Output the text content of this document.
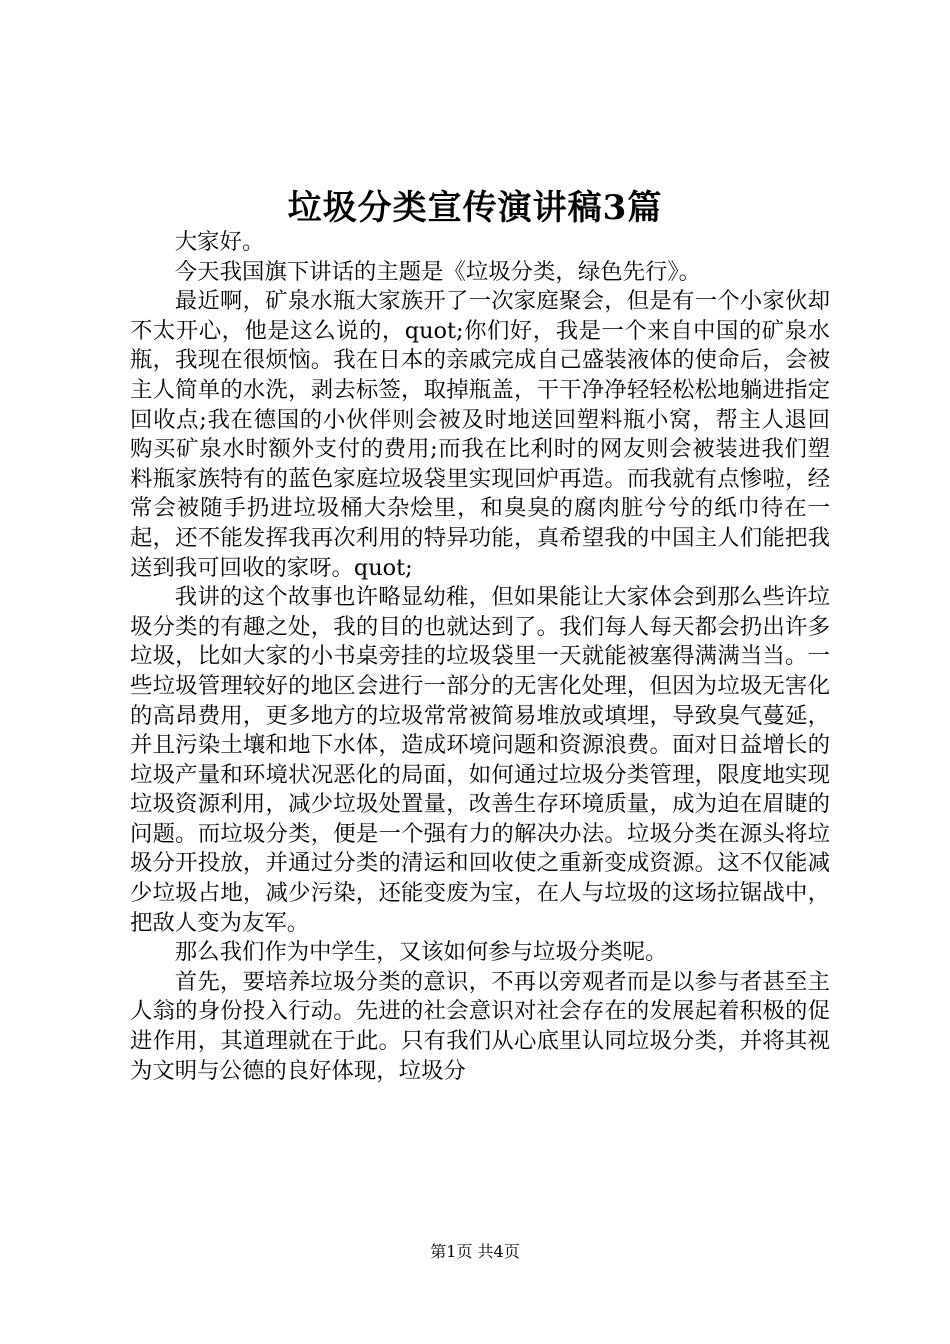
垃圾分类宣传演讲稿3篇

大家好。

今天我国旗下讲话的主题是《垃圾分类，绿色先行》。

最近啊，矿泉水瓶大家族开了一次家庭聚会，但是有一个小家伙却不太开心，他是这么说的，quot;你们好，我是一个来自中国的矿泉水瓶，我现在很烦恼。我在日本的亲戚完成自己盛装液体的使命后，会被主人简单的水洗，剥去标签，取掉瓶盖，干干净净轻轻松松地躺进指定回收点;我在德国的小伙伴则会被及时地送回塑料瓶小窝，帮主人退回购买矿泉水时额外支付的费用;而我在比利时的网友则会被装进我们塑料瓶家族特有的蓝色家庭垃圾袋里实现回炉再造。而我就有点惨啦，经常会被随手扔进垃圾桶大杂烩里，和臭臭的腐肉脏兮兮的纸巾待在一起，还不能发挥我再次利用的特异功能，真希望我的中国主人们能把我送到我可回收的家呀。quot;

我讲的这个故事也许略显幼稚，但如果能让大家体会到那么些许垃圾分类的有趣之处，我的目的也就达到了。我们每人每天都会扔出许多垃圾，比如大家的小书桌旁挂的垃圾袋里一天就能被塞得满满当当。一些垃圾管理较好的地区会进行一部分的无害化处理，但因为垃圾无害化的高昂费用，更多地方的垃圾常常被简易堆放或填埋，导致臭气蔓延，并且污染土壤和地下水体，造成环境问题和资源浪费。面对日益增长的垃圾产量和环境状况恶化的局面，如何通过垃圾分类管理，限度地实现垃圾资源利用，减少垃圾处置量，改善生存环境质量，成为迫在眉睫的问题。而垃圾分类，便是一个强有力的解决办法。垃圾分类在源头将垃圾分开投放，并通过分类的清运和回收使之重新变成资源。这不仅能减少垃圾占地，减少污染，还能变废为宝，在人与垃圾的这场拉锯战中，把敌人变为友军。

那么我们作为中学生，又该如何参与垃圾分类呢。

首先，要培养垃圾分类的意识，不再以旁观者而是以参与者甚至主人翁的身份投入行动。先进的社会意识对社会存在的发展起着积极的促进作用，其道理就在于此。只有我们从心底里认同垃圾分类，并将其视为文明与公德的良好体现，垃圾分

第1页 共4页
